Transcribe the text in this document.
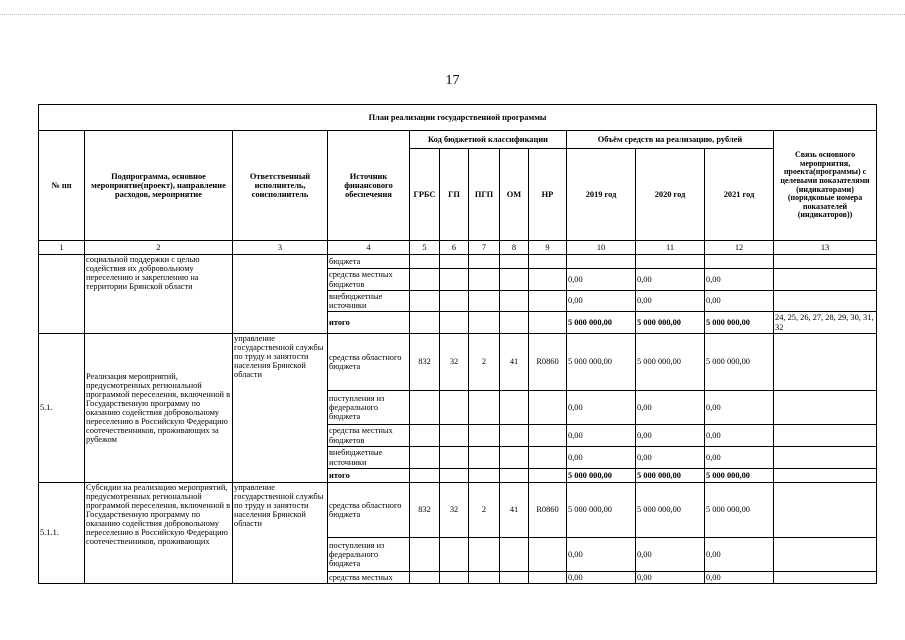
17
План реализации государственной программы												
№ пп	Подпрограмма, основное мероприятие(проект), направление расходов, мероприятие	Ответственный исполнитель, соисполнитель	Источник финансового обеспечения	Код бюджетной классификации					Объём средств на реализацию, рублей			Связь основного мероприятия, проекта(программы) с целевыми показателями (индикаторами) (порядковые номера показателей (индикаторов))
				ГРБС	ГП	ПГП	ОМ	НР	2019 год	2020 год	2021 год	
1	2	3	4	5	6	7	8	9	10	11	12	13
	социальной поддержки с целью содействия их добровольному переселению и закреплению на территории Брянской области		бюджета									
			средства местных бюджетов						0,00	0,00	0,00	
			внебюджетные источники						0,00	0,00	0,00	
			итого						5 000 000,00	5 000 000,00	5 000 000,00	24, 25, 26, 27, 28, 29, 30, 31, 32
5.1.	Реализация мероприятий, предусмотренных региональной программой переселения, включенной в Государственную программу по оказанию содействия добровольному переселению в Российскую Федерацию соотечественников, проживающих за рубежом	управление государственной службы по труду и занятости населения Брянской области	средства областного бюджета	832	32	2	41	R0860	5 000 000,00	5 000 000,00	5 000 000,00	
			поступления из федерального бюджета						0,00	0,00	0,00	
			средства местных бюджетов						0,00	0,00	0,00	
			внебюджетные источники						0,00	0,00	0,00	
			итого						5 000 000,00	5 000 000,00	5 000 000,00	
5.1.1.	Субсидии на реализацию мероприятий, предусмотренных региональной программой переселения, включенной в Государственную программу по оказанию содействия добровольному переселению в Российскую Федерацию соотечественников, проживающих	управление государственной службы по труду и занятости населения Брянской области	средства областного бюджета	832	32	2	41	R0860	5 000 000,00	5 000 000,00	5 000 000,00	
			поступления из федерального бюджета						0,00	0,00	0,00	
			средства местных						0,00	0,00	0,00	
